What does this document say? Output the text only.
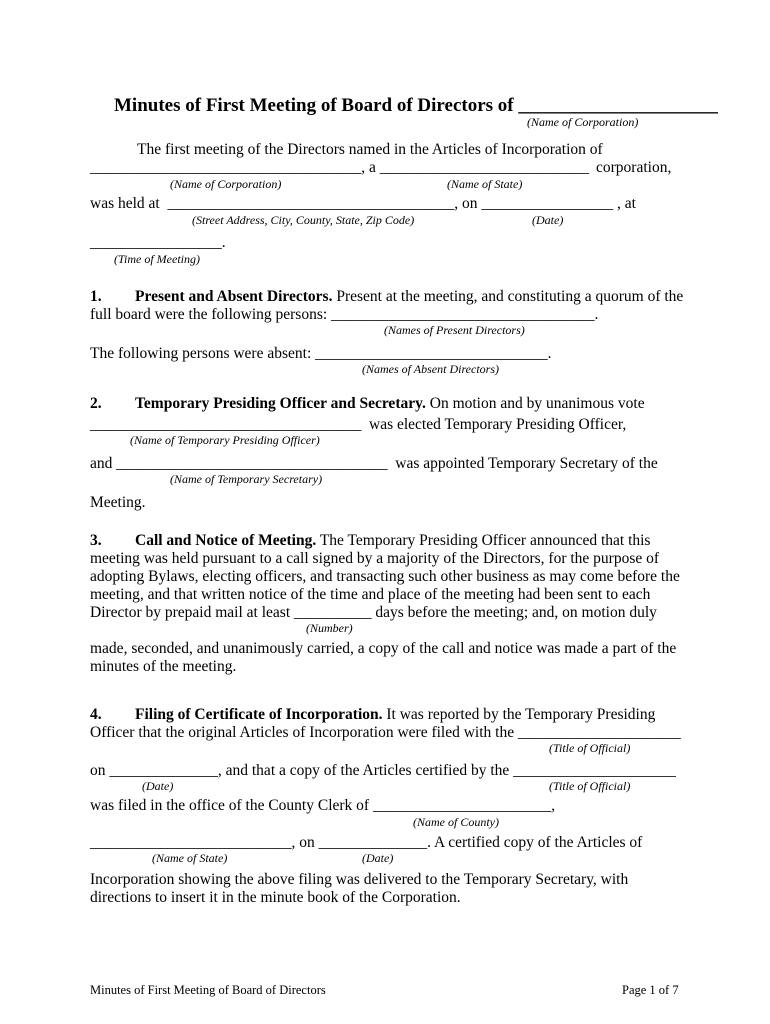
Minutes of First Meeting of Board of Directors of _____________________
(Name of Corporation)
The first meeting of the Directors named in the Articles of Incorporation of
___________________________________, a ___________________________ corporation,
(Name of Corporation)	(Name of State)
was held at  _____________________________________, on _________________ , at
(Street Address, City, County, State, Zip Code)	(Date)
_________________.
(Time of Meeting)
1. Present and Absent Directors. Present at the meeting, and constituting a quorum of the
full board were the following persons: __________________________________.
(Names of Present Directors)
The following persons were absent: ______________________________.
(Names of Absent Directors)
2. Temporary Presiding Officer and Secretary. On motion and by unanimous vote
___________________________________  was elected Temporary Presiding Officer,
(Name of Temporary Presiding Officer)
and ___________________________________  was appointed Temporary Secretary of the
(Name of Temporary Secretary)
Meeting.
3. Call and Notice of Meeting. The Temporary Presiding Officer announced that this
meeting was held pursuant to a call signed by a majority of the Directors, for the purpose of
adopting Bylaws, electing officers, and transacting such other business as may come before the
meeting, and that written notice of the time and place of the meeting had been sent to each
Director by prepaid mail at least __________ days before the meeting; and, on motion duly
(Number)
made, seconded, and unanimously carried, a copy of the call and notice was made a part of the
minutes of the meeting.
4. Filing of Certificate of Incorporation. It was reported by the Temporary Presiding
Officer that the original Articles of Incorporation were filed with the _____________________
(Title of Official)
on ______________, and that a copy of the Articles certified by the _____________________
(Date)	(Title of Official)
was filed in the office of the County Clerk of _______________________,
(Name of County)
__________________________, on ______________. A certified copy of the Articles of
(Name of State)	(Date)
Incorporation showing the above filing was delivered to the Temporary Secretary, with
directions to insert it in the minute book of the Corporation.
Minutes of First Meeting of Board of Directors	Page 1 of 7
